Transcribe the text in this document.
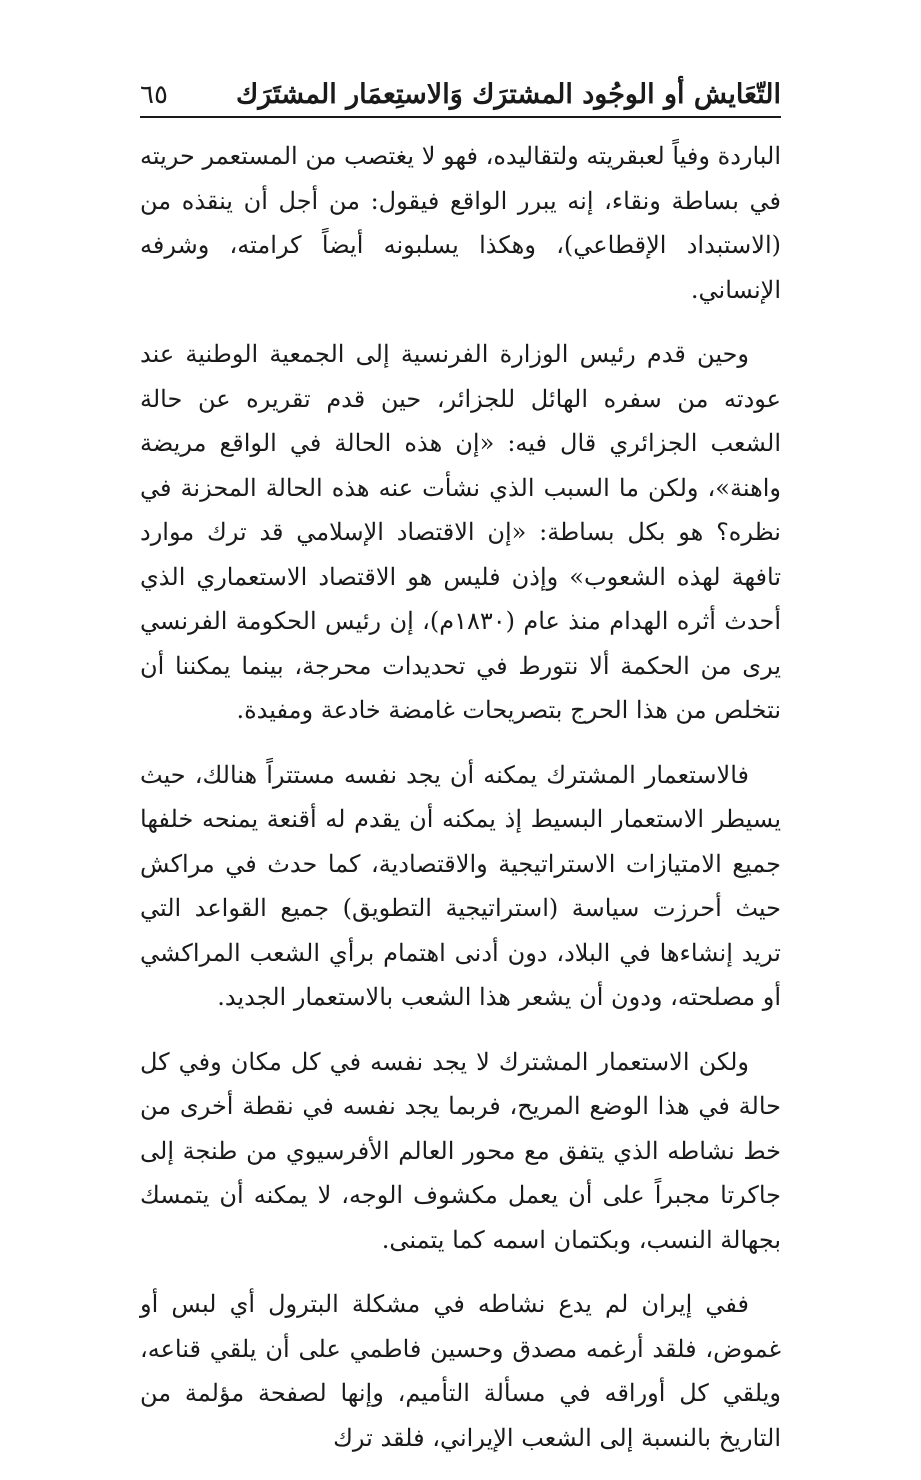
التّعَايش أو الوجُود المشترَك وَالاستِعمَار المشتَرَك
٦٥

الباردة وفياً لعبقريته ولتقاليده، فهو لا يغتصب من المستعمر حريته في بساطة ونقاء، إنه يبرر الواقع فيقول: من أجل أن ينقذه من (الاستبداد الإقطاعي)، وهكذا يسلبونه أيضاً كرامته، وشرفه الإنساني.

وحين قدم رئيس الوزارة الفرنسية إلى الجمعية الوطنية عند عودته من سفره الهائل للجزائر، حين قدم تقريره عن حالة الشعب الجزائري قال فيه: «إن هذه الحالة في الواقع مريضة واهنة»، ولكن ما السبب الذي نشأت عنه هذه الحالة المحزنة في نظره؟ هو بكل بساطة: «إن الاقتصاد الإسلامي قد ترك موارد تافهة لهذه الشعوب» وإذن فليس هو الاقتصاد الاستعماري الذي أحدث أثره الهدام منذ عام (١٨٣٠م)، إن رئيس الحكومة الفرنسي يرى من الحكمة ألا نتورط في تحديدات محرجة، بينما يمكننا أن نتخلص من هذا الحرج بتصريحات غامضة خادعة ومفيدة.

فالاستعمار المشترك يمكنه أن يجد نفسه مستتراً هنالك، حيث يسيطر الاستعمار البسيط إذ يمكنه أن يقدم له أقنعة يمنحه خلفها جميع الامتيازات الاستراتيجية والاقتصادية، كما حدث في مراكش حيث أحرزت سياسة (استراتيجية التطويق) جميع القواعد التي تريد إنشاءها في البلاد، دون أدنى اهتمام برأي الشعب المراكشي أو مصلحته، ودون أن يشعر هذا الشعب بالاستعمار الجديد.

ولكن الاستعمار المشترك لا يجد نفسه في كل مكان وفي كل حالة في هذا الوضع المريح، فربما يجد نفسه في نقطة أخرى من خط نشاطه الذي يتفق مع محور العالم الأفرسيوي من طنجة إلى جاكرتا مجبراً على أن يعمل مكشوف الوجه، لا يمكنه أن يتمسك بجهالة النسب، وبكتمان اسمه كما يتمنى.

ففي إيران لم يدع نشاطه في مشكلة البترول أي لبس أو غموض، فلقد أرغمه مصدق وحسين فاطمي على أن يلقي قناعه، ويلقي كل أوراقه في مسألة التأميم، وإنها لصفحة مؤلمة من التاريخ بالنسبة إلى الشعب الإيراني، فلقد ترك
